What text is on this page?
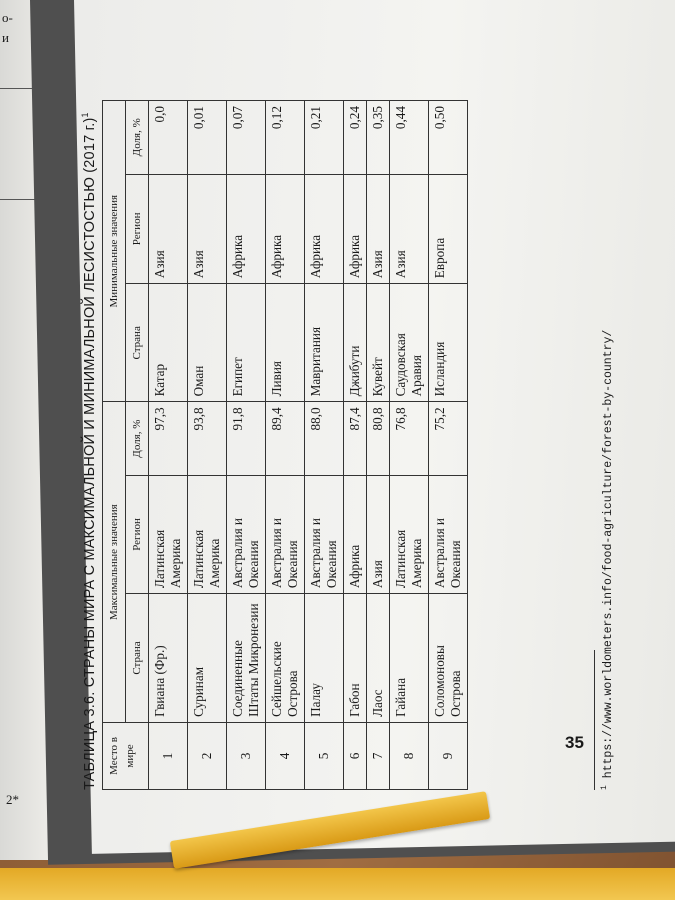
о-
и
2*
ТАБЛИЦА 3.6. СТРАНЫ МИРА С МАКСИМАЛЬНОЙ И МИНИМАЛЬНОЙ ЛЕСИСТОСТЬЮ (2017 г.)$^1$
Место в мире	Максимальные значения			Минимальные значения		
	Страна	Регион	Доля, %	Страна	Регион	Доля, %
1	Гвиана (Фр.)	Латинская Америка	97,3	Катар	Азия	0,0
2	Суринам	Латинская Америка	93,8	Оман	Азия	0,01
3	Соединенные Штаты Микронезии	Австралия и Океания	91,8	Египет	Африка	0,07
4	Сейшельские Острова	Австралия и Океания	89,4	Ливия	Африка	0,12
5	Палау	Австралия и Океания	88,0	Мавритания	Африка	0,21
6	Габон	Африка	87,4	Джибути	Африка	0,24
7	Лаос	Азия	80,8	Кувейт	Азия	0,35
8	Гайана	Латинская Америка	76,8	Саудовская Аравия	Азия	0,44
9	Соломоновы Острова	Австралия и Океания	75,2	Исландия	Европа	0,50
$^1$ https://www.worldometers.info/food-agriculture/forest-by-country/
35
